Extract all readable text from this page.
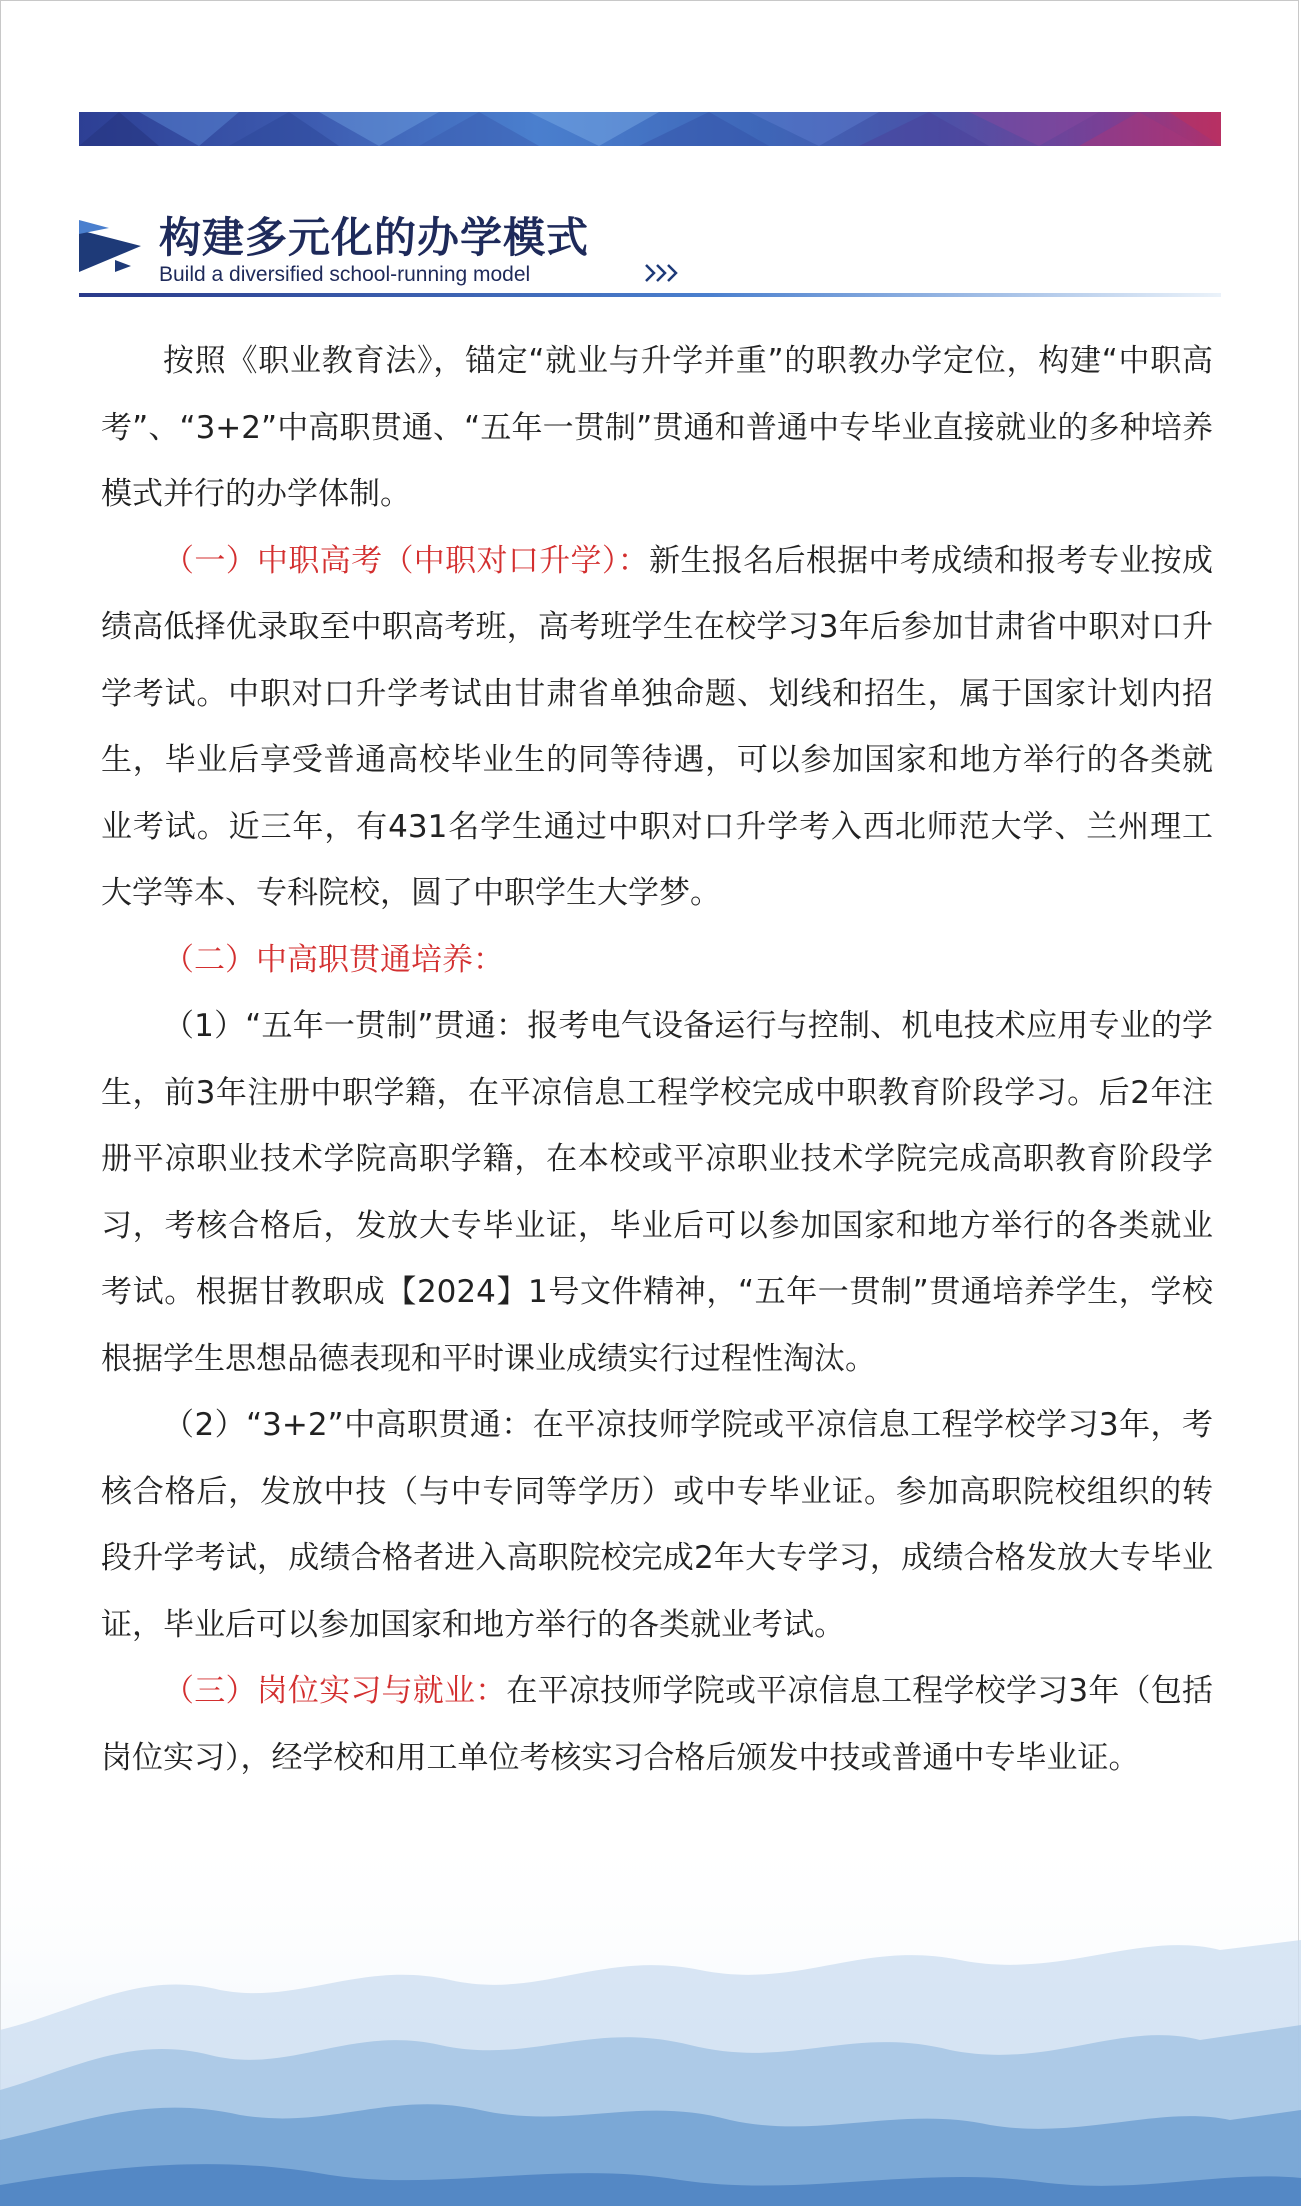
构建多元化的办学模式
Build a diversified school-running model

按照《职业教育法》，锚定“就业与升学并重”的职教办学定位，构建“中职高考”、“3+2”中高职贯通、“五年一贯制”贯通和普通中专毕业直接就业的多种培养模式并行的办学体制。

（一）中职高考（中职对口升学）：新生报名后根据中考成绩和报考专业按成绩高低择优录取至中职高考班，高考班学生在校学习3年后参加甘肃省中职对口升学考试。中职对口升学考试由甘肃省单独命题、划线和招生，属于国家计划内招生，毕业后享受普通高校毕业生的同等待遇，可以参加国家和地方举行的各类就业考试。近三年，有431名学生通过中职对口升学考入西北师范大学、兰州理工大学等本、专科院校，圆了中职学生大学梦。

（二）中高职贯通培养：

（1）“五年一贯制”贯通：报考电气设备运行与控制、机电技术应用专业的学生，前3年注册中职学籍，在平凉信息工程学校完成中职教育阶段学习。后2年注册平凉职业技术学院高职学籍，在本校或平凉职业技术学院完成高职教育阶段学习，考核合格后，发放大专毕业证，毕业后可以参加国家和地方举行的各类就业考试。根据甘教职成【2024】1号文件精神，“五年一贯制”贯通培养学生，学校根据学生思想品德表现和平时课业成绩实行过程性淘汰。

（2）“3+2”中高职贯通：在平凉技师学院或平凉信息工程学校学习3年，考核合格后，发放中技（与中专同等学历）或中专毕业证。参加高职院校组织的转段升学考试，成绩合格者进入高职院校完成2年大专学习，成绩合格发放大专毕业证，毕业后可以参加国家和地方举行的各类就业考试。

（三）岗位实习与就业：在平凉技师学院或平凉信息工程学校学习3年（包括岗位实习），经学校和用工单位考核实习合格后颁发中技或普通中专毕业证。
